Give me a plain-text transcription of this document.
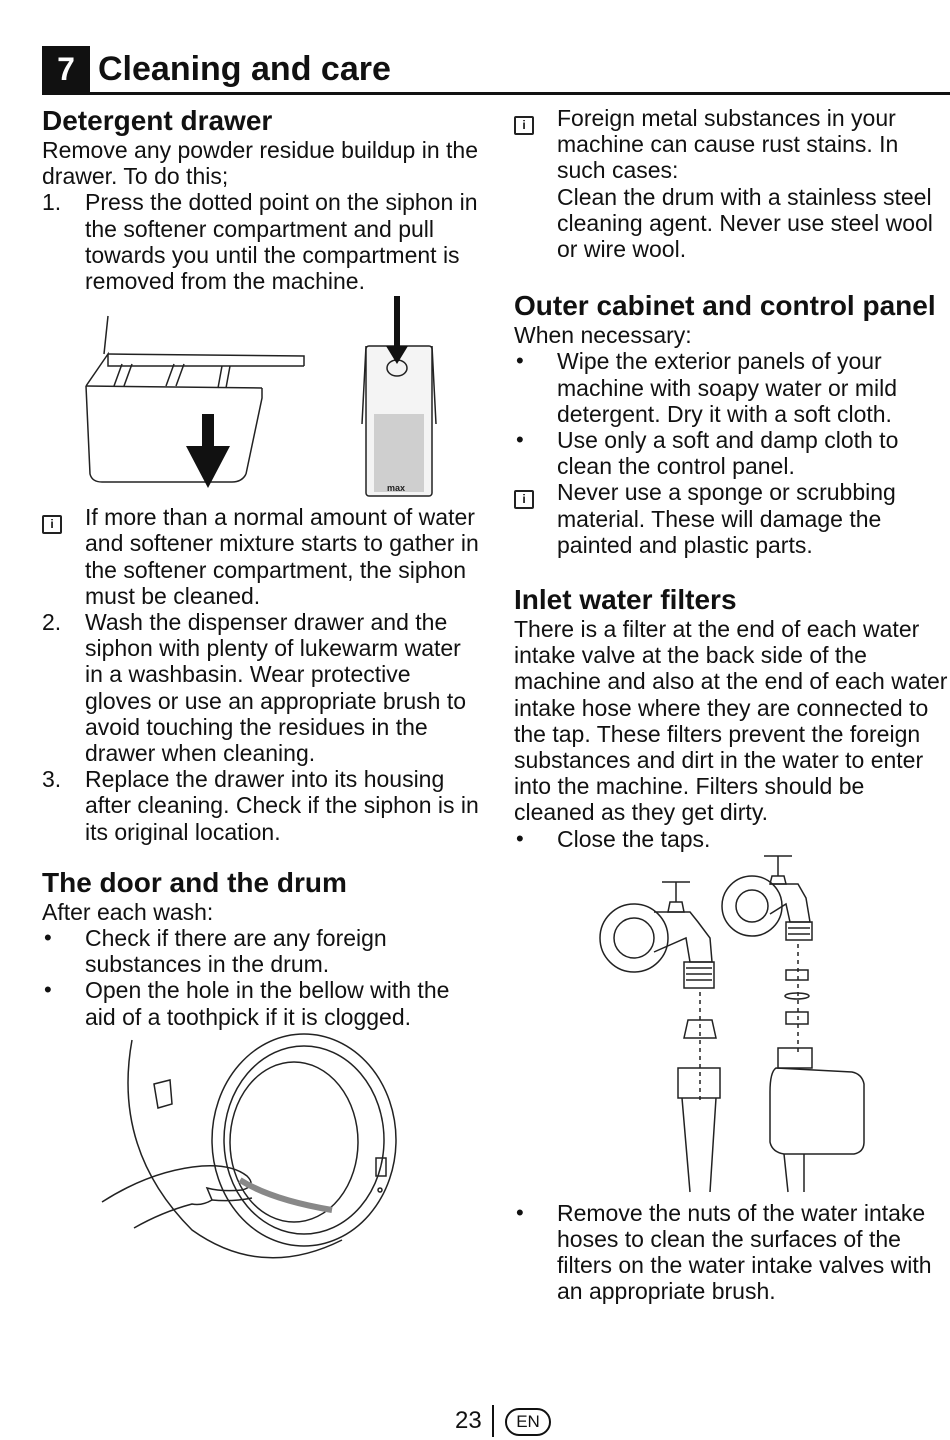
7 Cleaning and care
Detergent drawer

Remove any powder residue buildup in the drawer. To do this;

1.	Press the dotted point on the siphon in the softener compartment and pull towards you until the compartment is removed from the machine.
max
i	If more than a normal amount of water and softener mixture starts to gather in the softener compartment, the siphon must be cleaned.
2.	Wash the dispenser drawer and the siphon with plenty of lukewarm water in a washbasin. Wear protective gloves or use an appropriate brush to avoid touching the residues in the drawer when cleaning.
3.	Replace the drawer into its housing after cleaning. Check if the siphon is in its original location.
The door and the drum

After each wash:

•	Check if there are any foreign substances in the drum.
•	Open the hole in the bellow with the aid of a toothpick if it is clogged.
i	Foreign metal substances in your machine can cause rust stains. In such cases:

Clean the drum with a stainless steel cleaning agent. Never use steel wool or wire wool.

Outer cabinet and control panel

When necessary:

•	Wipe the exterior panels of your machine with soapy water or mild detergent. Dry it with a soft cloth.
•	Use only a soft and damp cloth to clean the control panel.
i	Never use a sponge or scrubbing material. These will damage the painted and plastic parts.
Inlet water filters

There is a filter at the end of each water intake valve at the back side of the machine and also at the end of each water intake hose where they are connected to the tap. These filters prevent the foreign substances and dirt in the water to enter into the machine. Filters should be cleaned as they get dirty.

•	Close the taps.
•	Remove the nuts of the water intake hoses to clean the surfaces of the filters on the water intake valves with an appropriate brush.
23	EN
